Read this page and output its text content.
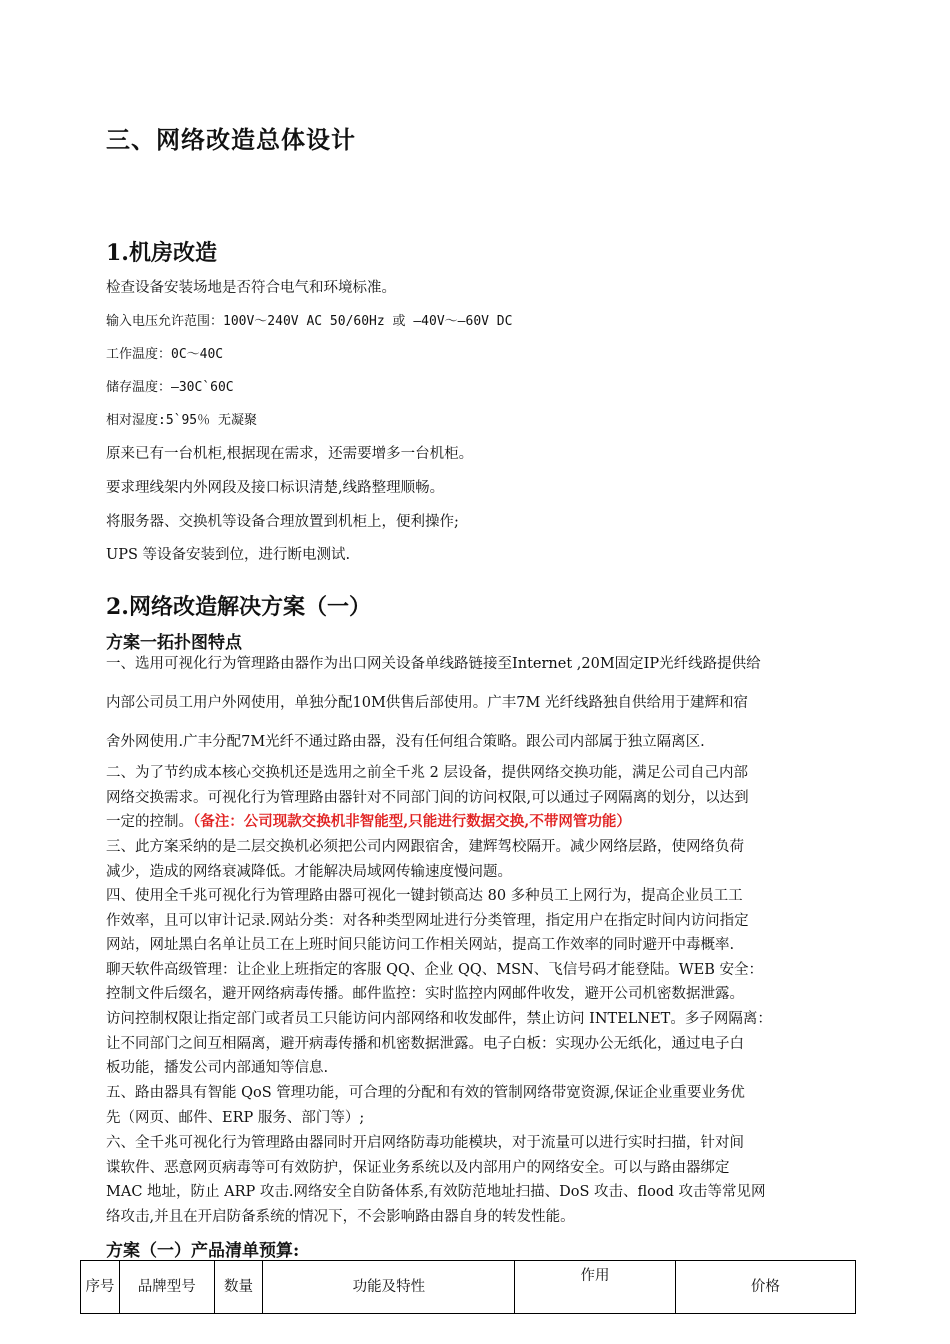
三、网络改造总体设计
1.机房改造
检查设备安装场地是否符合电气和环境标准。
输入电压允许范围：100V～240V AC 50/60Hz 或 –40V～—60V DC
工作温度：0C～40C
储存温度：—30C`60C
相对湿度:5`95％ 无凝聚
原来已有一台机柜,根据现在需求，还需要增多一台机柜。
要求理线架内外网段及接口标识清楚,线路整理顺畅。
将服务器、交换机等设备合理放置到机柜上，便利操作;
UPS 等设备安装到位，进行断电测试.
2.网络改造解决方案（一）
方案一拓扑图特点
一、选用可视化行为管理路由器作为出口网关设备单线路链接至Internet ,20M固定IP光纤线路提供给
内部公司员工用户外网使用，单独分配10M供售后部使用。广丰7M 光纤线路独自供给用于建辉和宿
舍外网使用.广丰分配7M光纤不通过路由器，没有任何组合策略。跟公司内部属于独立隔离区.
二、为了节约成本核心交换机还是选用之前全千兆 2 层设备，提供网络交换功能，满足公司自己内部
网络交换需求。可视化行为管理路由器针对不同部门间的访问权限,可以通过子网隔离的划分，以达到
一定的控制。（备注：公司现款交换机非智能型,只能进行数据交换,不带网管功能）
三、此方案采纳的是二层交换机必须把公司内网跟宿舍，建辉驾校隔开。减少网络层路，使网络负荷
减少，造成的网络衰减降低。才能解决局域网传输速度慢问题。
四、使用全千兆可视化行为管理路由器可视化一键封锁高达 80 多种员工上网行为，提高企业员工工
作效率，且可以审计记录.网站分类：对各种类型网址进行分类管理，指定用户在指定时间内访问指定
网站，网址黑白名单让员工在上班时间只能访问工作相关网站，提高工作效率的同时避开中毒概率.
聊天软件高级管理：让企业上班指定的客服 QQ、企业 QQ、MSN、飞信号码才能登陆。WEB 安全：
控制文件后缀名，避开网络病毒传播。邮件监控：实时监控内网邮件收发，避开公司机密数据泄露。
访问控制权限让指定部门或者员工只能访问内部网络和收发邮件，禁止访问 INTELNET。多子网隔离：
让不同部门之间互相隔离，避开病毒传播和机密数据泄露。电子白板：实现办公无纸化，通过电子白
板功能，播发公司内部通知等信息.
五、路由器具有智能 QoS 管理功能，可合理的分配和有效的管制网络带宽资源,保证企业重要业务优
先（网页、邮件、ERP 服务、部门等）;
六、全千兆可视化行为管理路由器同时开启网络防毒功能模块，对于流量可以进行实时扫描，针对间
谍软件、恶意网页病毒等可有效防护，保证业务系统以及内部用户的网络安全。可以与路由器绑定
MAC 地址，防止 ARP 攻击.网络安全自防备体系,有效防范地址扫描、DoS 攻击、flood 攻击等常见网
络攻击,并且在开启防备系统的情况下，不会影响路由器自身的转发性能。
方案（一）产品清单预算:
序号	品牌型号	数量	功能及特性	作用	价格
